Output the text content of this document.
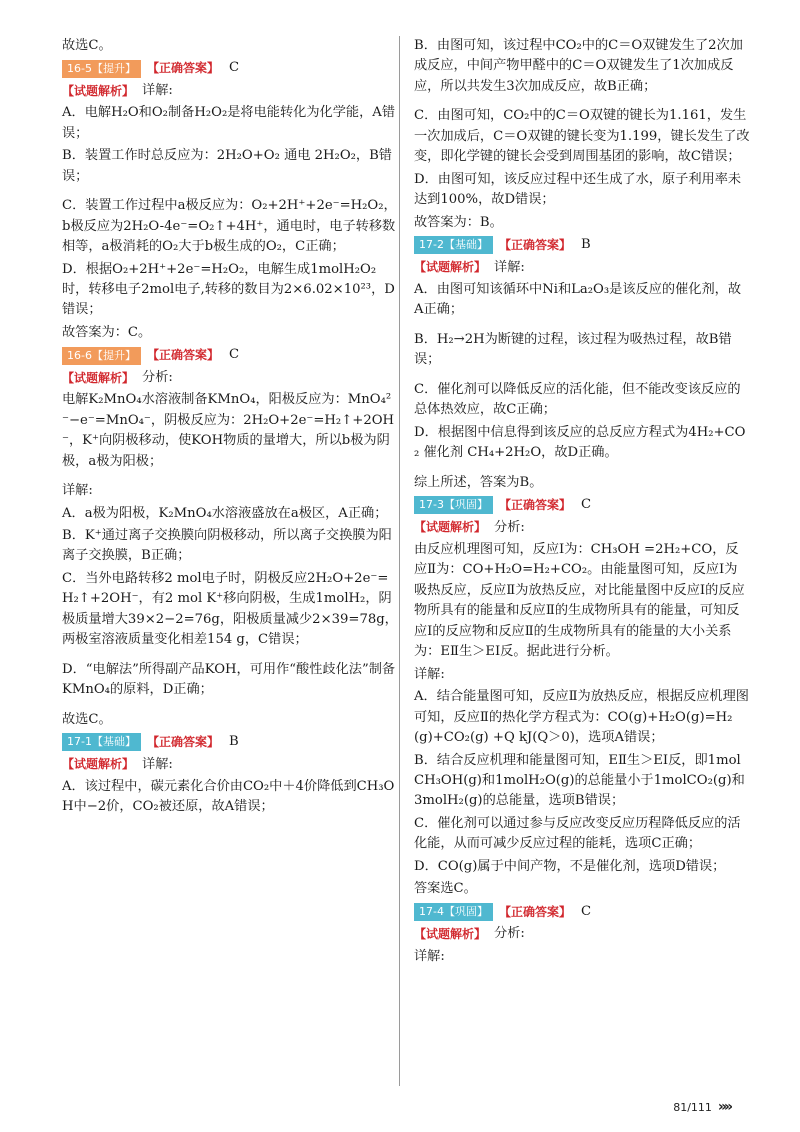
故选C。

16-5【提升】 【正确答案】 C
【试题解析】 详解:

A．电解H₂O和O₂制备H₂O₂是将电能转化为化学能，A错误；

B．装置工作时总反应为：2H₂O+O₂ 通电 2H₂O₂，B错误；

C．装置工作过程中a极反应为：O₂+2H⁺+2e⁻=H₂O₂，b极反应为2H₂O-4e⁻=O₂↑+4H⁺，通电时，电子转移数相等，a极消耗的O₂大于b极生成的O₂，C正确；

D．根据O₂+2H⁺+2e⁻=H₂O₂，电解生成1molH₂O₂时，转移电子2mol电子,转移的数目为2×6.02×10²³，D错误；

故答案为：C。

16-6【提升】 【正确答案】 C
【试题解析】 分析:

电解K₂MnO₄水溶液制备KMnO₄，阳极反应为：MnO₄²⁻−e⁻=MnO₄⁻，阴极反应为：2H₂O+2e⁻=H₂↑+2OH⁻，K⁺向阴极移动，使KOH物质的量增大，所以b极为阴极，a极为阳极；

详解:

A．a极为阳极，K₂MnO₄水溶液盛放在a极区，A正确；

B．K⁺通过离子交换膜向阴极移动，所以离子交换膜为阳离子交换膜，B正确；

C．当外电路转移2 mol电子时，阴极反应2H₂O+2e⁻=H₂↑+2OH⁻，有2 mol K⁺移向阴极，生成1molH₂，阴极质量增大39×2−2=76g，阳极质量减少2×39=78g，两极室溶液质量变化相差154 g，C错误；

D．“电解法”所得副产品KOH，可用作“酸性歧化法”制备KMnO₄的原料，D正确；

故选C。

17-1【基础】 【正确答案】 B
【试题解析】 详解:

A．该过程中，碳元素化合价由CO₂中＋4价降低到CH₃OH中−2价，CO₂被还原，故A错误；

B．由图可知，该过程中CO₂中的C＝O双键发生了2次加成反应，中间产物甲醛中的C＝O双键发生了1次加成反应，所以共发生3次加成反应，故B正确；

C．由图可知，CO₂中的C＝O双键的键长为1.161，发生一次加成后，C＝O双键的键长变为1.199，键长发生了改变，即化学键的键长会受到周围基团的影响，故C错误；

D．由图可知，该反应过程中还生成了水，原子利用率未达到100%，故D错误；

故答案为：B。

17-2【基础】 【正确答案】 B
【试题解析】 详解:

A．由图可知该循环中Ni和La₂O₃是该反应的催化剂，故A正确；

B．H₂→2H为断键的过程，该过程为吸热过程，故B错误；

C．催化剂可以降低反应的活化能，但不能改变该反应的总体热效应，故C正确；

D．根据图中信息得到该反应的总反应方程式为4H₂+CO₂ 催化剂 CH₄+2H₂O，故D正确。

综上所述，答案为B。

17-3【巩固】 【正确答案】 C
【试题解析】 分析:

由反应机理图可知，反应Ⅰ为：CH₃OH =2H₂+CO，反应Ⅱ为：CO+H₂O=H₂+CO₂。由能量图可知，反应Ⅰ为吸热反应，反应Ⅱ为放热反应，对比能量图中反应Ⅰ的反应物所具有的能量和反应Ⅱ的生成物所具有的能量，可知反应Ⅰ的反应物和反应Ⅱ的生成物所具有的能量的大小关系为：EⅡ生＞EⅠ反。据此进行分析。

详解:

A．结合能量图可知，反应Ⅱ为放热反应，根据反应机理图可知，反应Ⅱ的热化学方程式为：CO(g)+H₂O(g)=H₂(g)+CO₂(g) +Q kJ(Q＞0)，选项A错误；

B．结合反应机理和能量图可知，EⅡ生＞EⅠ反，即1molCH₃OH(g)和1molH₂O(g)的总能量小于1molCO₂(g)和3molH₂(g)的总能量，选项B错误；

C．催化剂可以通过参与反应改变反应历程降低反应的活化能，从而可减少反应过程的能耗，选项C正确；

D．CO(g)属于中间产物，不是催化剂，选项D错误；

答案选C。

17-4【巩固】 【正确答案】 C
【试题解析】 分析:

详解:

81/111 »»
